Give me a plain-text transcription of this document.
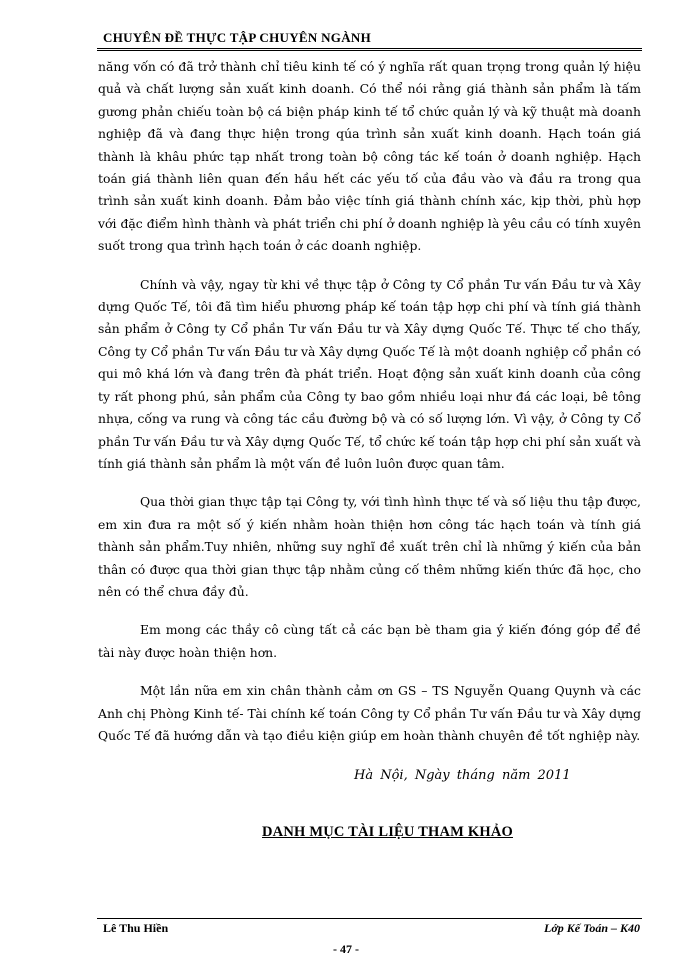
CHUYÊN ĐỀ THỰC TẬP CHUYÊN NGÀNH

năng vốn có đã trở thành chỉ tiêu kinh tế có ý nghĩa rất quan trọng trong quản lý hiệu quả và chất lượng sản xuất kinh doanh. Có thể nói rằng giá thành sản phẩm là tấm gương phản chiếu toàn bộ cá biện pháp kinh tế tổ chức quản lý và kỹ thuật mà doanh nghiệp đã và đang thực hiện trong qúa trình sản xuất kinh doanh. Hạch toán giá thành là khâu phức tạp nhất trong toàn bộ công tác kế toán ở doanh nghiệp. Hạch toán giá thành liên quan đến hầu hết các yếu tố của đầu vào và đầu ra trong qua trình sản xuất kinh doanh. Đảm bảo việc tính giá thành chính xác, kịp thời, phù hợp với đặc điểm hình thành và phát triển chi phí ở doanh nghiệp là yêu cầu có tính xuyên suốt trong qua trình hạch toán ở các doanh nghiệp.

Chính và vậy, ngay từ khi về thực tập ở Công ty Cổ phần Tư vấn Đầu tư và Xây dựng Quốc Tế, tôi đã tìm hiểu phương pháp kế toán tập hợp chi phí và tính giá thành sản phẩm ở Công ty Cổ phần Tư vấn Đầu tư và Xây dựng Quốc Tế. Thực tế cho thấy, Công ty Cổ phần Tư vấn Đầu tư và Xây dựng Quốc Tế là một doanh nghiệp cổ phần có qui mô khá lớn và đang trên đà phát triển. Hoạt động sản xuất kinh doanh của công ty rất phong phú, sản phẩm của Công ty bao gồm nhiều loại như đá các loại, bê tông nhựa, cống va rung và công tác cầu đường bộ và có số lượng lớn. Vì vậy, ở Công ty Cổ phần Tư vấn Đầu tư và Xây dựng Quốc Tế, tổ chức kế toán tập hợp chi phí sản xuất và tính giá thành sản phẩm là một vấn đề luôn luôn được quan tâm.

Qua thời gian thực tập tại Công ty, với tình hình thực tế và số liệu thu tập được, em xin đưa ra một số ý kiến nhằm hoàn thiện hơn công tác hạch toán và tính giá thành sản phẩm.Tuy nhiên, những suy nghĩ đề xuất trên chỉ là những ý kiến của bản thân có được qua thời gian thực tập nhằm củng cố thêm những kiến thức đã học, cho nên có thể chưa đầy đủ.

Em mong các thầy cô cùng tất cả các bạn bè tham gia ý kiến đóng góp để đề tài này được hoàn thiện hơn.

Một lần nữa em xin chân thành cảm ơn GS – TS Nguyễn Quang Quynh và các Anh chị Phòng Kinh tế- Tài chính kế toán Công ty Cổ phần Tư vấn Đầu tư và Xây dựng Quốc Tế đã hướng dẫn và tạo điều kiện giúp em hoàn thành chuyên đề tốt nghiệp này.

Hà Nội, Ngày tháng năm 2011
DANH MỤC TÀI LIỆU THAM KHẢO
Lê Thu Hiền	Lớp Kế Toán – K40
- 47 -
